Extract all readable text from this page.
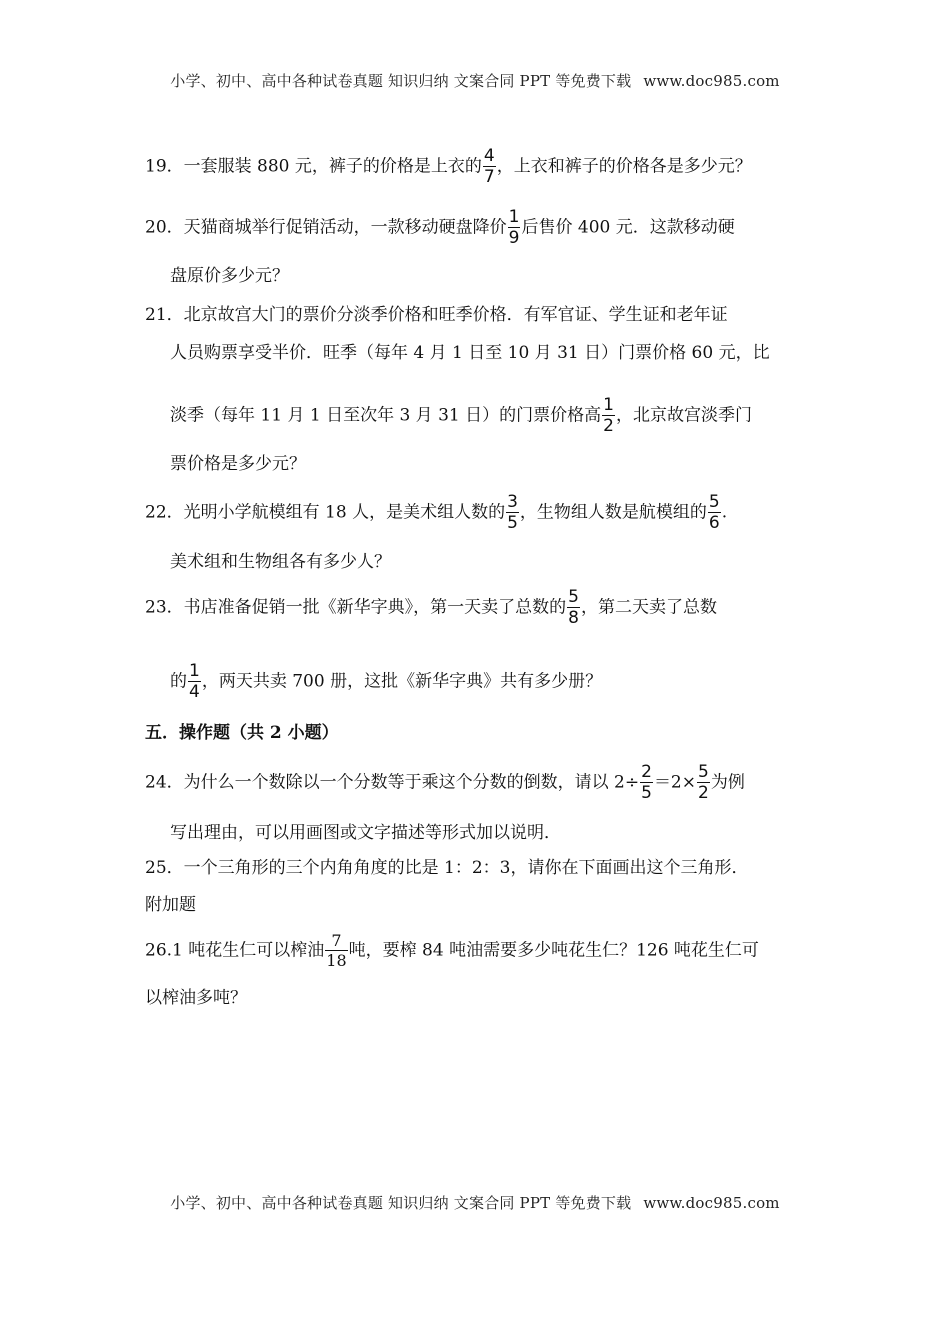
小学、初中、高中各种试卷真题 知识归纳 文案合同 PPT 等免费下载 www.doc985.com
19．一套服装 880 元，裤子的价格是上衣的 $\frac{4}{7}$ ，上衣和裤子的价格各是多少元？
20．天猫商城举行促销活动，一款移动硬盘降价 $\frac{1}{9}$ 后售价 400 元．这款移动硬
盘原价多少元？
21．北京故宫大门的票价分淡季价格和旺季价格．有军官证、学生证和老年证
人员购票享受半价．旺季（每年 4 月 1 日至 10 月 31 日）门票价格 60 元，比
淡季（每年 11 月 1 日至次年 3 月 31 日）的门票价格高 $\frac{1}{2}$ ，北京故宫淡季门
票价格是多少元？
22．光明小学航模组有 18 人，是美术组人数的 $\frac{3}{5}$ ，生物组人数是航模组的 $\frac{5}{6}$ .
美术组和生物组各有多少人？
23．书店准备促销一批《新华字典》，第一天卖了总数的 $\frac{5}{8}$ ，第二天卖了总数
的 $\frac{1}{4}$ ，两天共卖 700 册，这批《新华字典》共有多少册？
五．操作题（共 2 小题）
24．为什么一个数除以一个分数等于乘这个分数的倒数，请以 $2\div \frac{2}{5} =2\times \frac{5}{2}$ 为例
写出理由，可以用画图或文字描述等形式加以说明．
25．一个三角形的三个内角角度的比是 1：2：3，请你在下面画出这个三角形．
附加题
26.1 吨花生仁可以榨油 $\frac{7}{18}$ 吨，要榨 84 吨油需要多少吨花生仁？126 吨花生仁可
以榨油多吨？
小学、初中、高中各种试卷真题 知识归纳 文案合同 PPT 等免费下载 www.doc985.com
